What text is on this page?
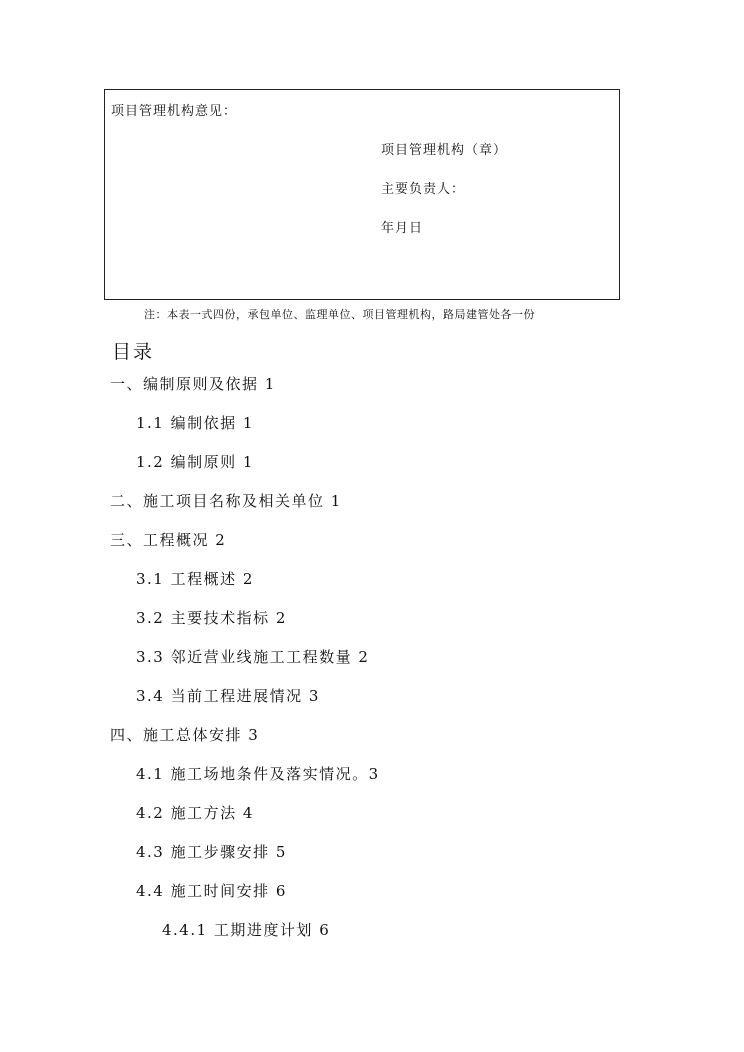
项目管理机构意见：
项目管理机构（章）
主要负责人：
年月日
注：本表一式四份，承包单位、监理单位、项目管理机构，路局建管处各一份
目录
一、编制原则及依据 1
1.1 编制依据 1
1.2 编制原则 1
二、施工项目名称及相关单位 1
三、工程概况 2
3.1 工程概述 2
3.2 主要技术指标 2
3.3 邻近营业线施工工程数量 2
3.4 当前工程进展情况 3
四、施工总体安排 3
4.1 施工场地条件及落实情况。3
4.2 施工方法 4
4.3 施工步骤安排 5
4.4 施工时间安排 6
4.4.1 工期进度计划 6
